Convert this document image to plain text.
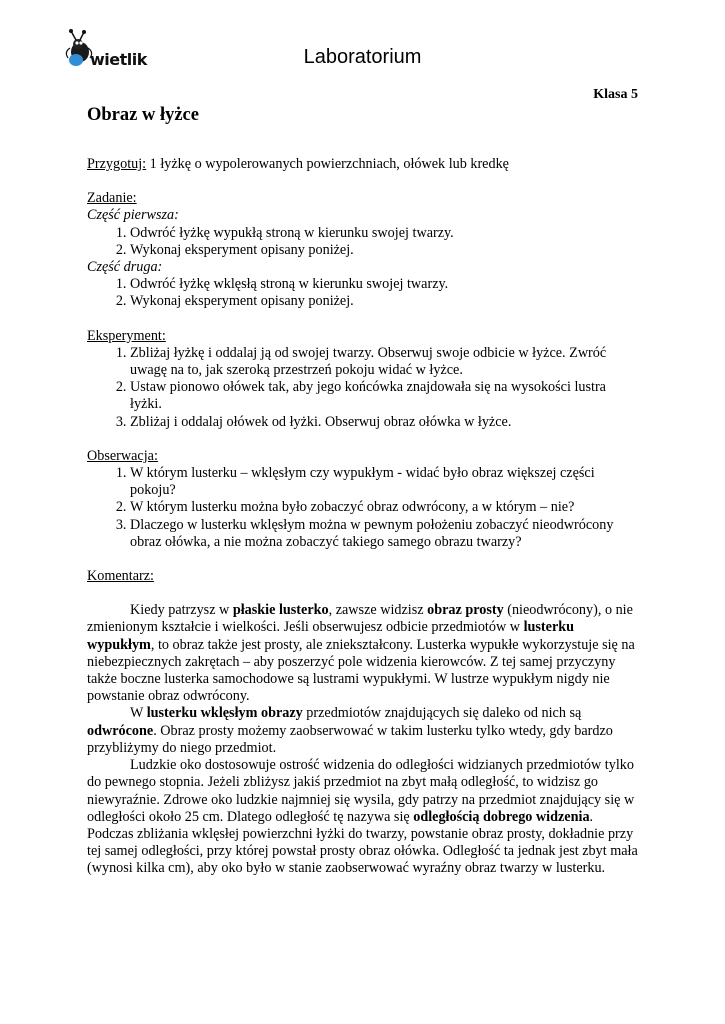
wietlik	Laboratorium
Klasa 5
Obraz w łyżce

Przygotuj: 1 łyżkę o wypolerowanych powierzchniach, ołówek lub kredkę

Zadanie:

Część pierwsza:

1. Odwróć łyżkę wypukłą stroną w kierunku swojej twarzy.
2. Wykonaj eksperyment opisany poniżej.

Część druga:

1. Odwróć łyżkę wklęsłą stroną w kierunku swojej twarzy.
2. Wykonaj eksperyment opisany poniżej.

Eksperyment:

1. Zbliżaj łyżkę i oddalaj ją od swojej twarzy. Obserwuj swoje odbicie w łyżce. Zwróć uwagę na to, jak szeroką przestrzeń pokoju widać w łyżce.
2. Ustaw pionowo ołówek tak, aby jego końcówka znajdowała się na wysokości lustra łyżki.
3. Zbliżaj i oddalaj ołówek od łyżki. Obserwuj obraz ołówka w łyżce.

Obserwacja:

1. W którym lusterku – wklęsłym czy wypukłym - widać było obraz większej części pokoju?
2. W którym lusterku można było zobaczyć obraz odwrócony, a w którym – nie?
3. Dlaczego w lusterku wklęsłym można w pewnym położeniu zobaczyć nieodwrócony obraz ołówka, a nie można zobaczyć takiego samego obrazu twarzy?

Komentarz:

Kiedy patrzysz w płaskie lusterko, zawsze widzisz obraz prosty (nieodwrócony), o nie zmienionym kształcie i wielkości. Jeśli obserwujesz odbicie przedmiotów w lusterku wypukłym, to obraz także jest prosty, ale zniekształcony. Lusterka wypukłe wykorzystuje się na niebezpiecznych zakrętach – aby poszerzyć pole widzenia kierowców. Z tej samej przyczyny także boczne lusterka samochodowe są lustrami wypukłymi. W lustrze wypukłym nigdy nie powstanie obraz odwrócony.

W lusterku wklęsłym obrazy przedmiotów znajdujących się daleko od nich są odwrócone. Obraz prosty możemy zaobserwować w takim lusterku tylko wtedy, gdy bardzo przybliżymy do niego przedmiot.

Ludzkie oko dostosowuje ostrość widzenia do odległości widzianych przedmiotów tylko do pewnego stopnia. Jeżeli zbliżysz jakiś przedmiot na zbyt małą odległość, to widzisz go niewyraźnie. Zdrowe oko ludzkie najmniej się wysila, gdy patrzy na przedmiot znajdujący się w odległości około 25 cm. Dlatego odległość tę nazywa się odległością dobrego widzenia. Podczas zbliżania wklęsłej powierzchni łyżki do twarzy, powstanie obraz prosty, dokładnie przy tej samej odległości, przy której powstał prosty obraz ołówka. Odległość ta jednak jest zbyt mała (wynosi kilka cm), aby oko było w stanie zaobserwować wyraźny obraz twarzy w lusterku.
